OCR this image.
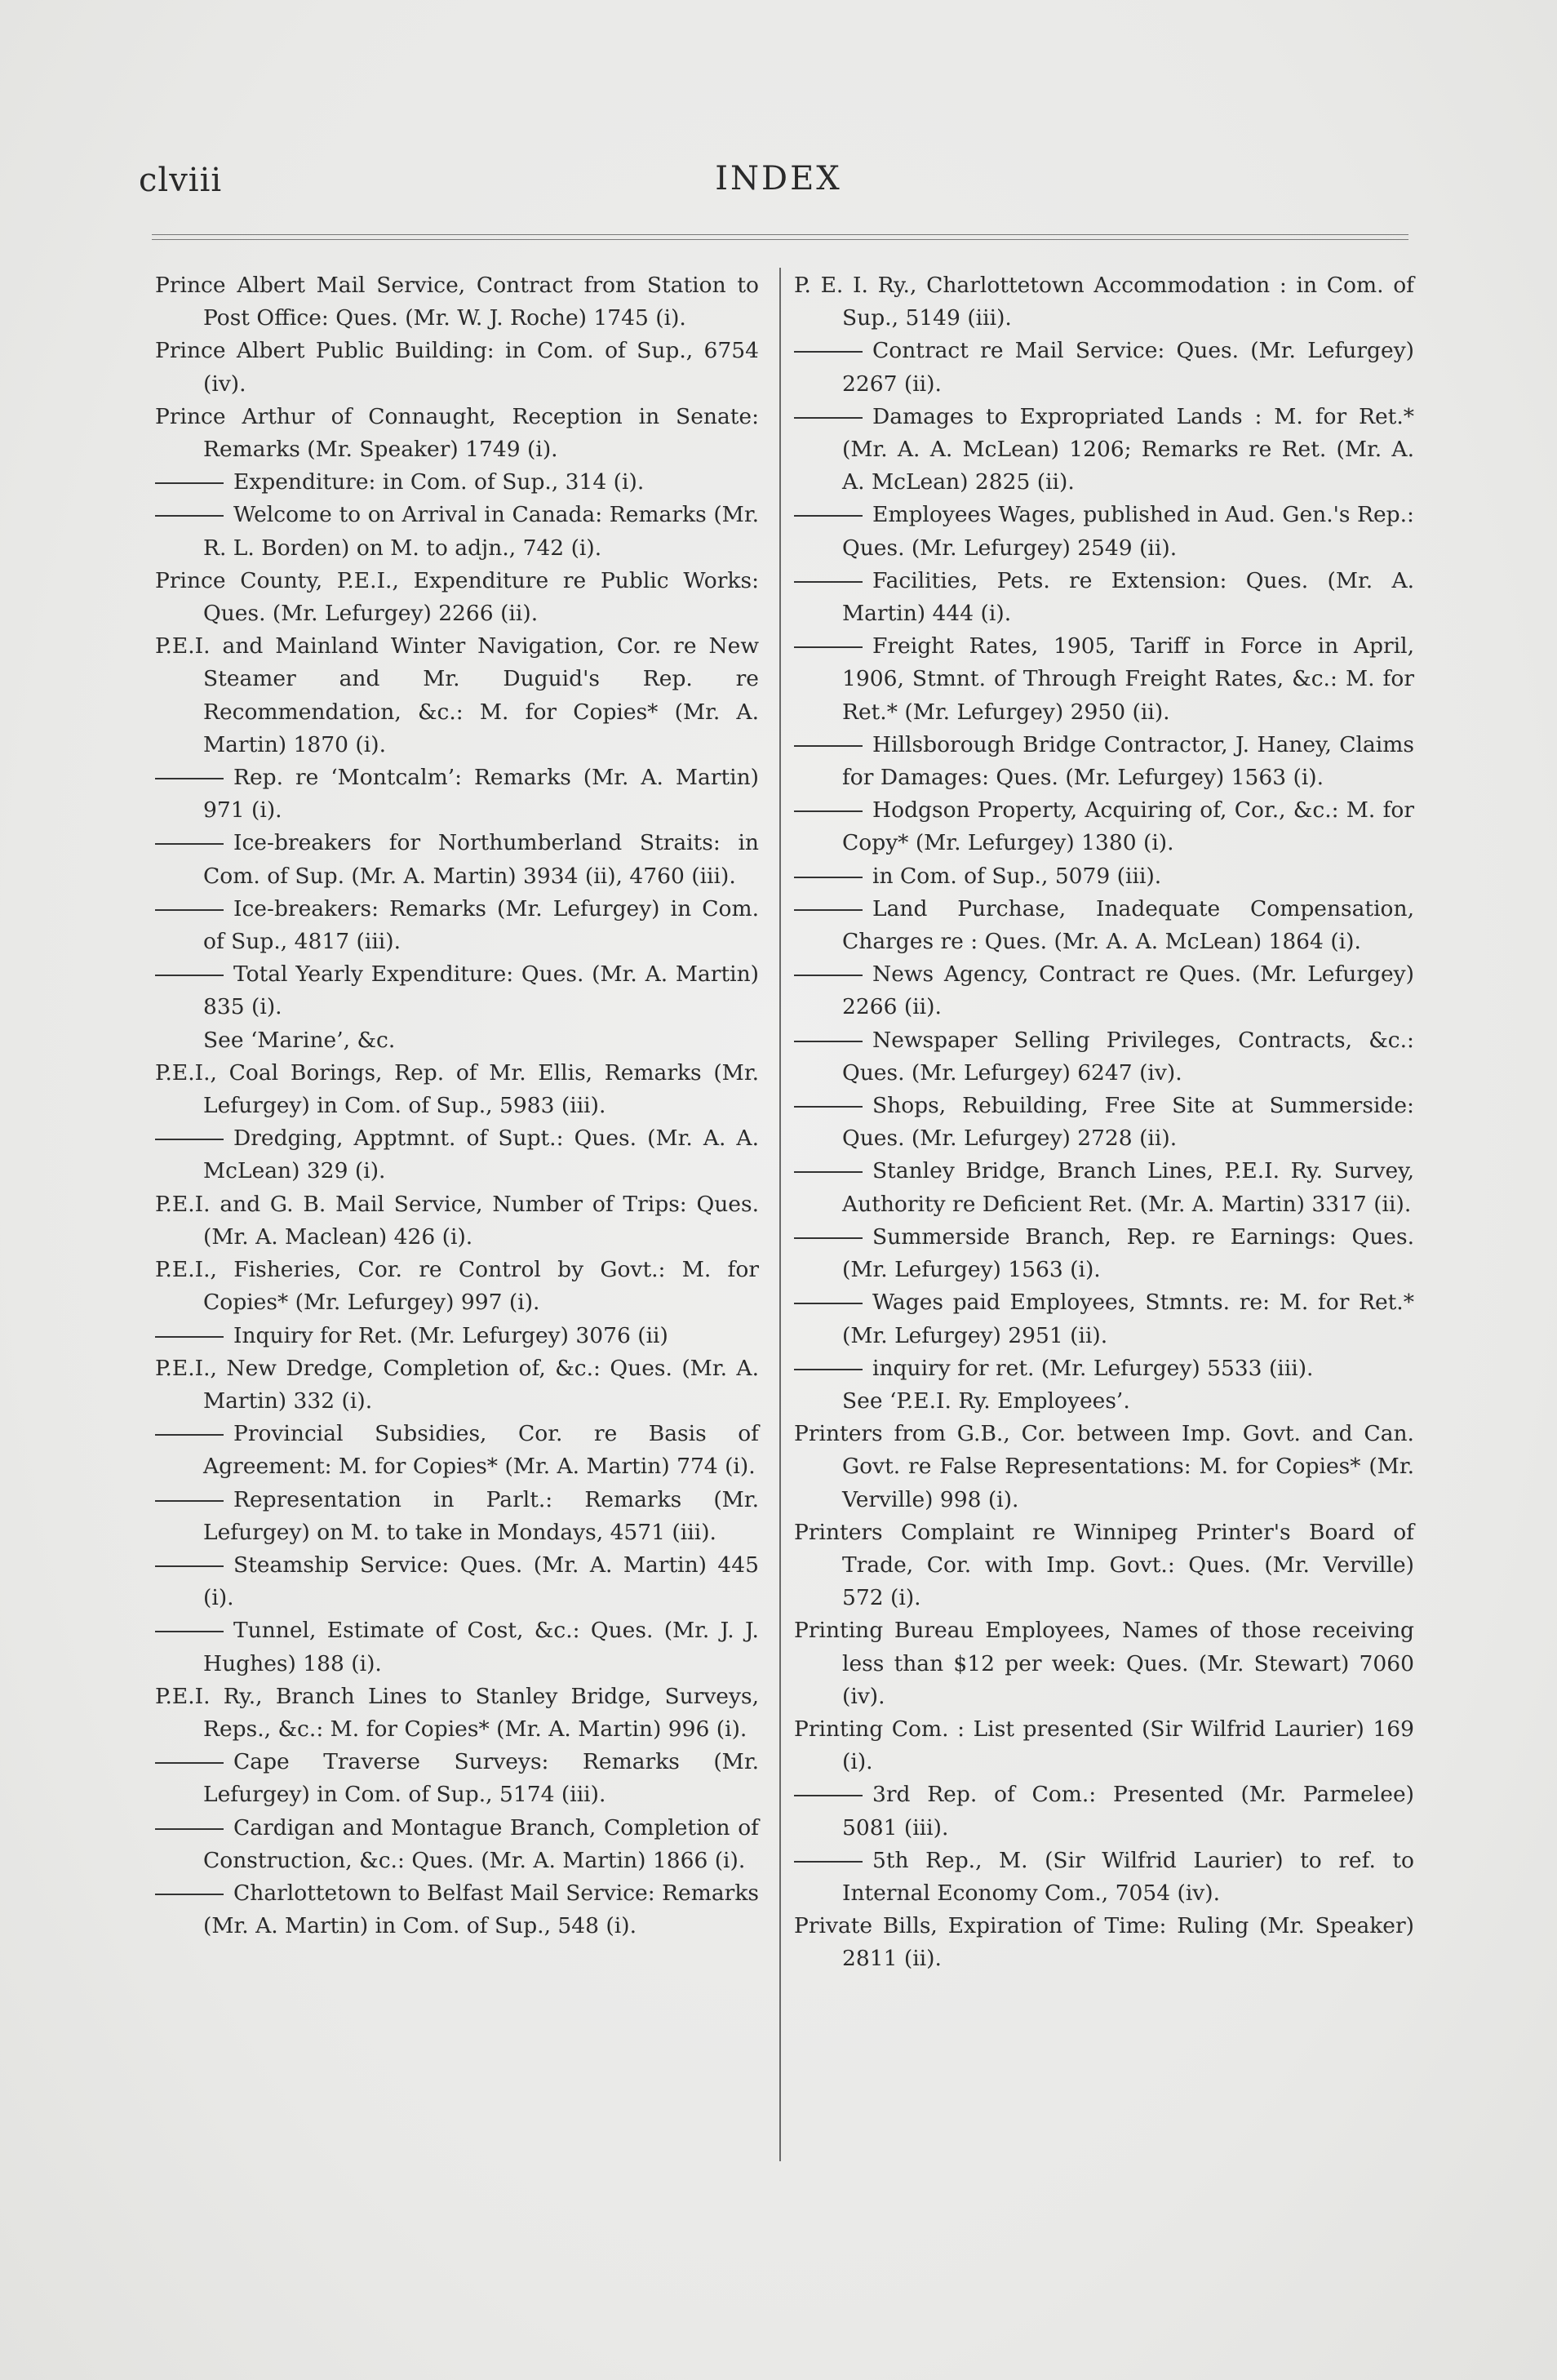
clviii	INDEX

Prince Albert Mail Service, Contract from Station to Post Office: Ques. (Mr. W. J. Roche) 1745 (i).

Prince Albert Public Building: in Com. of Sup., 6754 (iv).

Prince Arthur of Connaught, Reception in Senate: Remarks (Mr. Speaker) 1749 (i).

Expenditure: in Com. of Sup., 314 (i).

Welcome to on Arrival in Canada: Remarks (Mr. R. L. Borden) on M. to adjn., 742 (i).

Prince County, P.E.I., Expenditure re Public Works: Ques. (Mr. Lefurgey) 2266 (ii).

P.E.I. and Mainland Winter Navigation, Cor. re New Steamer and Mr. Duguid's Rep. re Recommendation, &c.: M. for Copies* (Mr. A. Martin) 1870 (i).

Rep. re ‘Montcalm’: Remarks (Mr. A. Martin) 971 (i).

Ice-breakers for Northumberland Straits: in Com. of Sup. (Mr. A. Martin) 3934 (ii), 4760 (iii).

Ice-breakers: Remarks (Mr. Lefurgey) in Com. of Sup., 4817 (iii).

Total Yearly Expenditure: Ques. (Mr. A. Martin) 835 (i).

See ‘Marine’, &c.

P.E.I., Coal Borings, Rep. of Mr. Ellis, Remarks (Mr. Lefurgey) in Com. of Sup., 5983 (iii).

Dredging, Apptmnt. of Supt.: Ques. (Mr. A. A. McLean) 329 (i).

P.E.I. and G. B. Mail Service, Number of Trips: Ques. (Mr. A. Maclean) 426 (i).

P.E.I., Fisheries, Cor. re Control by Govt.: M. for Copies* (Mr. Lefurgey) 997 (i).

Inquiry for Ret. (Mr. Lefurgey) 3076 (ii)

P.E.I., New Dredge, Completion of, &c.: Ques. (Mr. A. Martin) 332 (i).

Provincial Subsidies, Cor. re Basis of Agreement: M. for Copies* (Mr. A. Martin) 774 (i).

Representation in Parlt.: Remarks (Mr. Lefurgey) on M. to take in Mondays, 4571 (iii).

Steamship Service: Ques. (Mr. A. Martin) 445 (i).

Tunnel, Estimate of Cost, &c.: Ques. (Mr. J. J. Hughes) 188 (i).

P.E.I. Ry., Branch Lines to Stanley Bridge, Surveys, Reps., &c.: M. for Copies* (Mr. A. Martin) 996 (i).

Cape Traverse Surveys: Remarks (Mr. Lefurgey) in Com. of Sup., 5174 (iii).

Cardigan and Montague Branch, Completion of Construction, &c.: Ques. (Mr. A. Martin) 1866 (i).

Charlottetown to Belfast Mail Service: Remarks (Mr. A. Martin) in Com. of Sup., 548 (i).

P. E. I. Ry., Charlottetown Accommodation : in Com. of Sup., 5149 (iii).

Contract re Mail Service: Ques. (Mr. Lefurgey) 2267 (ii).

Damages to Expropriated Lands : M. for Ret.* (Mr. A. A. McLean) 1206; Remarks re Ret. (Mr. A. A. McLean) 2825 (ii).

Employees Wages, published in Aud. Gen.'s Rep.: Ques. (Mr. Lefurgey) 2549 (ii).

Facilities, Pets. re Extension: Ques. (Mr. A. Martin) 444 (i).

Freight Rates, 1905, Tariff in Force in April, 1906, Stmnt. of Through Freight Rates, &c.: M. for Ret.* (Mr. Lefurgey) 2950 (ii).

Hillsborough Bridge Contractor, J. Haney, Claims for Damages: Ques. (Mr. Lefurgey) 1563 (i).

Hodgson Property, Acquiring of, Cor., &c.: M. for Copy* (Mr. Lefurgey) 1380 (i).

in Com. of Sup., 5079 (iii).

Land Purchase, Inadequate Compensation, Charges re : Ques. (Mr. A. A. McLean) 1864 (i).

News Agency, Contract re Ques. (Mr. Lefurgey) 2266 (ii).

Newspaper Selling Privileges, Contracts, &c.: Ques. (Mr. Lefurgey) 6247 (iv).

Shops, Rebuilding, Free Site at Summerside: Ques. (Mr. Lefurgey) 2728 (ii).

Stanley Bridge, Branch Lines, P.E.I. Ry. Survey, Authority re Deficient Ret. (Mr. A. Martin) 3317 (ii).

Summerside Branch, Rep. re Earnings: Ques. (Mr. Lefurgey) 1563 (i).

Wages paid Employees, Stmnts. re: M. for Ret.* (Mr. Lefurgey) 2951 (ii).

inquiry for ret. (Mr. Lefurgey) 5533 (iii).

See ‘P.E.I. Ry. Employees’.

Printers from G.B., Cor. between Imp. Govt. and Can. Govt. re False Representations: M. for Copies* (Mr. Verville) 998 (i).

Printers Complaint re Winnipeg Printer's Board of Trade, Cor. with Imp. Govt.: Ques. (Mr. Verville) 572 (i).

Printing Bureau Employees, Names of those receiving less than $12 per week: Ques. (Mr. Stewart) 7060 (iv).

Printing Com. : List presented (Sir Wilfrid Laurier) 169 (i).

3rd Rep. of Com.: Presented (Mr. Parmelee) 5081 (iii).

5th Rep., M. (Sir Wilfrid Laurier) to ref. to Internal Economy Com., 7054 (iv).

Private Bills, Expiration of Time: Ruling (Mr. Speaker) 2811 (ii).
